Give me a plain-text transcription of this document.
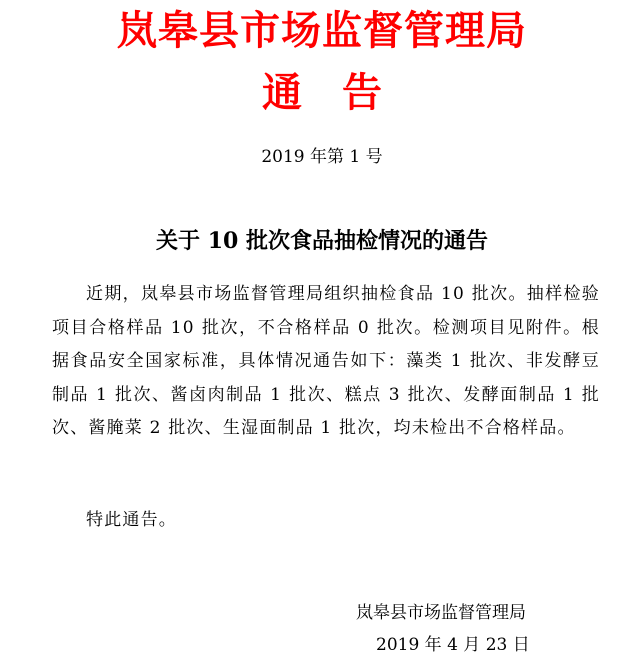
岚皋县市场监督管理局
通 告
2019 年第 1 号
关于 10 批次食品抽检情况的通告

近期，岚皋县市场监督管理局组织抽检食品 10 批次。抽样检验项目合格样品 10 批次，不合格样品 0 批次。检测项目见附件。根据食品安全国家标准，具体情况通告如下：藻类 1 批次、非发酵豆制品 1 批次、酱卤肉制品 1 批次、糕点 3 批次、发酵面制品 1 批次、酱腌菜 2 批次、生湿面制品 1 批次，均未检出不合格样品。

特此通告。

岚皋县市场监督管理局
2019 年 4 月 23 日
